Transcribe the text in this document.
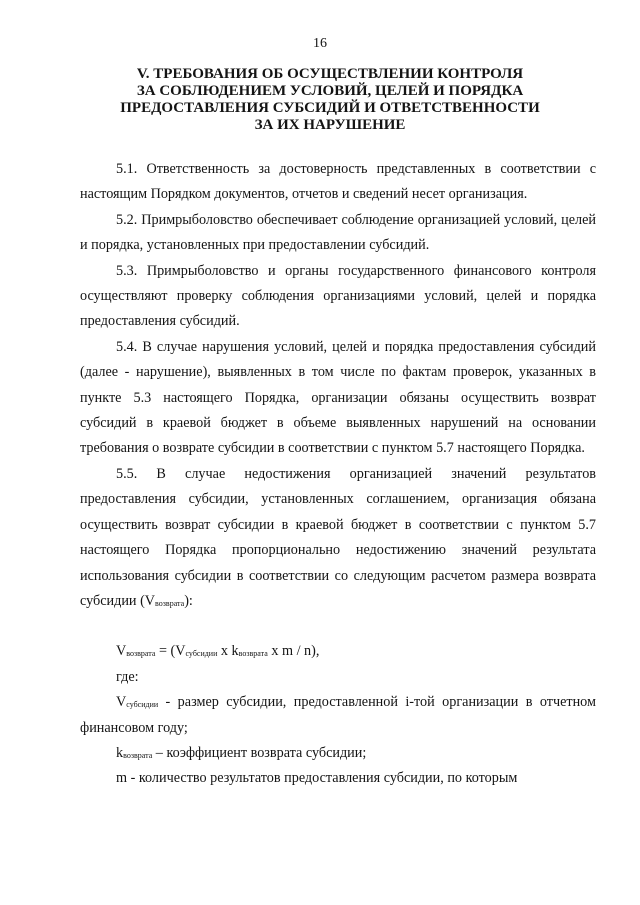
16
V. ТРЕБОВАНИЯ ОБ ОСУЩЕСТВЛЕНИИ КОНТРОЛЯ
ЗА СОБЛЮДЕНИЕМ УСЛОВИЙ, ЦЕЛЕЙ И ПОРЯДКА
ПРЕДОСТАВЛЕНИЯ СУБСИДИЙ И ОТВЕТСТВЕННОСТИ
ЗА ИХ НАРУШЕНИЕ

5.1. Ответственность за достоверность представленных в соответствии с настоящим Порядком документов, отчетов и сведений несет организация.

5.2. Примрыболовство обеспечивает соблюдение организацией условий, целей и порядка, установленных при предоставлении субсидий.

5.3. Примрыболовство и органы государственного финансового контроля осуществляют проверку соблюдения организациями условий, целей и порядка предоставления субсидий.

5.4. В случае нарушения условий, целей и порядка предоставления субсидий (далее - нарушение), выявленных в том числе по фактам проверок, указанных в пункте 5.3 настоящего Порядка, организации обязаны осуществить возврат субсидий в краевой бюджет в объеме выявленных нарушений на основании требования о возврате субсидии в соответствии с пунктом 5.7 настоящего Порядка.

5.5. В случае недостижения организацией значений результатов предоставления субсидии, установленных соглашением, организация обязана осуществить возврат субсидии в краевой бюджет в соответствии с пунктом 5.7 настоящего Порядка пропорционально недостижению значений результата использования субсидии в соответствии со следующим расчетом размера возврата субсидии $(V_{возврата})$:

$V_{возврата} = (V_{субсидии}$ x $k_{возврата}$ x m / n),

где:

$V_{субсидии}$ - размер субсидии, предоставленной i-той организации в отчетном финансовом году;

$k_{возврата}$ – коэффициент возврата субсидии;

m - количество результатов предоставления субсидии, по которым
